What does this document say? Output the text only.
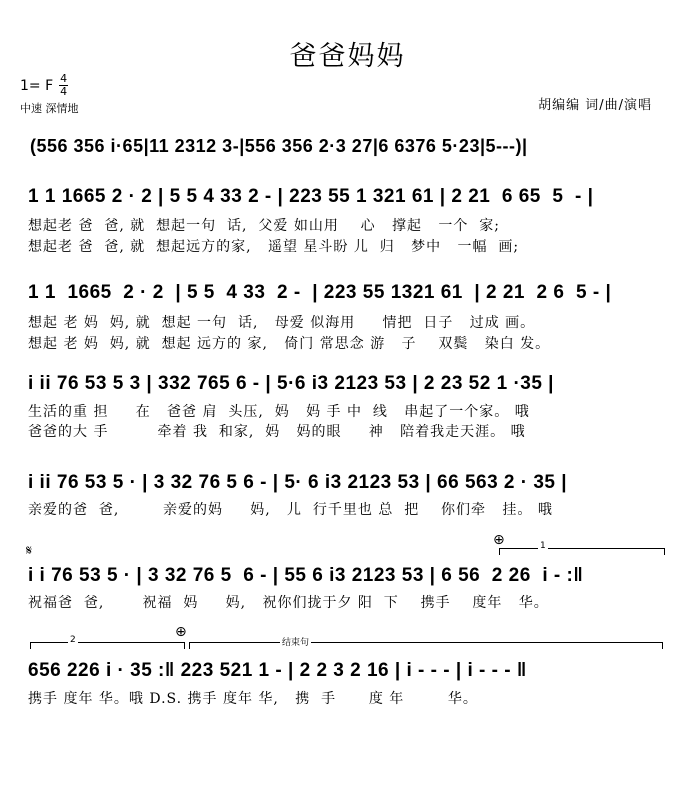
爸爸妈妈
1= F $\frac{4}{4}$
中速 深情地	胡编编 词/曲/演唱
(556 356 i·65|11 2312 3-|556 356 2·3 27|6 6376 5·23|5---)|
1 1 1665 2 · 2 | 5 5 4 33 2 - | 223 55 1 321 61 | 2 21  6 65  5  - |
想起老 爸  爸, 就  想起一句  话,  父爱 如山用    心   撑起   一个  家;
想起老 爸  爸, 就  想起远方的家,   遥望 星斗盼 儿  归   梦中   一幅  画;
1 1  1665  2 · 2  | 5 5  4 33  2 -  | 223 55 1321 61  | 2 21  2 6  5 - |
想起 老 妈  妈, 就  想起 一句  话,   母爱 似海用     情把  日子   过成 画。
想起 老 妈  妈, 就  想起 远方的 家,   倚门 常思念 游   子    双鬓   染白 发。
i ii 76 53 5 3 | 332 765 6 - | 5·6 i3 2123 53 | 2 23 52 1 ·35 |
生活的重 担     在   爸爸 肩  头压,  妈   妈 手 中  线   串起了一个家。 哦
爸爸的大 手         牵着 我  和家,  妈   妈的眼     神   陪着我走天涯。 哦
i ii 76 53 5 · | 3 32 76 5 6 - | 5· 6 i3 2123 53 | 66 563 2 · 35 |
亲爱的爸  爸,        亲爱的妈     妈,   儿  行千里也 总  把    你们牵   挂。 哦
𝄋
⊕	1
i i 76 53 5 · | 3 32 76 5  6 - | 55 6 i3 2123 53 | 6 56  2 26  i - :‖
祝福爸  爸,       祝福  妈     妈,   祝你们拢于夕 阳  下    携手    度年   华。
⊕
2	结束句
656 226 i · 35 :‖ 223 521 1 - | 2 2 3 2 16 | i - - - | i - - - ‖
携手 度年 华。哦 D.S. 携手 度年 华,   携  手      度 年        华。
